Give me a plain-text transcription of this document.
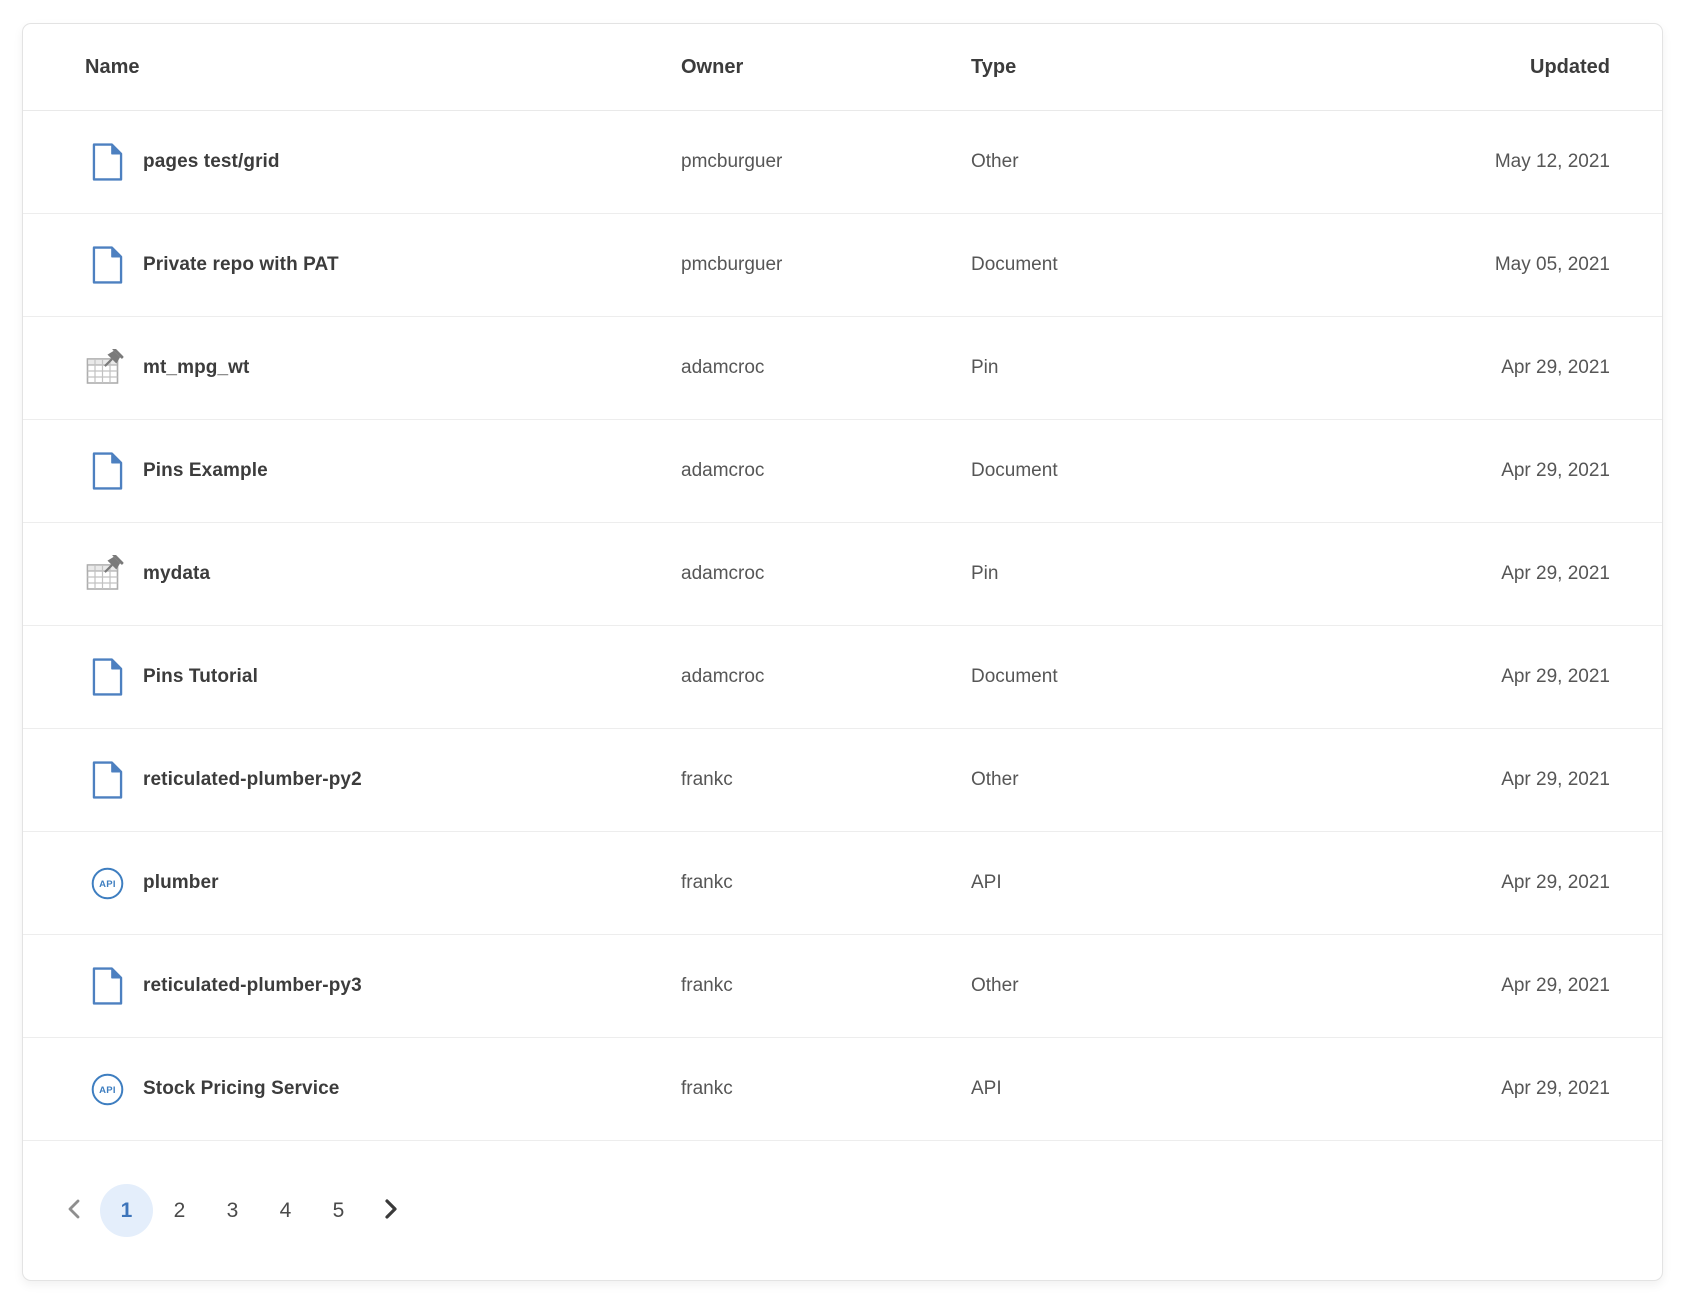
Name	Owner	Type	Updated
pages test/grid	pmcburguer	Other	May 12, 2021
Private repo with PAT	pmcburguer	Document	May 05, 2021
mt_mpg_wt	adamcroc	Pin	Apr 29, 2021
Pins Example	adamcroc	Document	Apr 29, 2021
mydata	adamcroc	Pin	Apr 29, 2021
Pins Tutorial	adamcroc	Document	Apr 29, 2021
reticulated-plumber-py2	frankc	Other	Apr 29, 2021
API plumber	frankc	API	Apr 29, 2021
reticulated-plumber-py3	frankc	Other	Apr 29, 2021
API Stock Pricing Service	frankc	API	Apr 29, 2021
1	2	3	4	5
